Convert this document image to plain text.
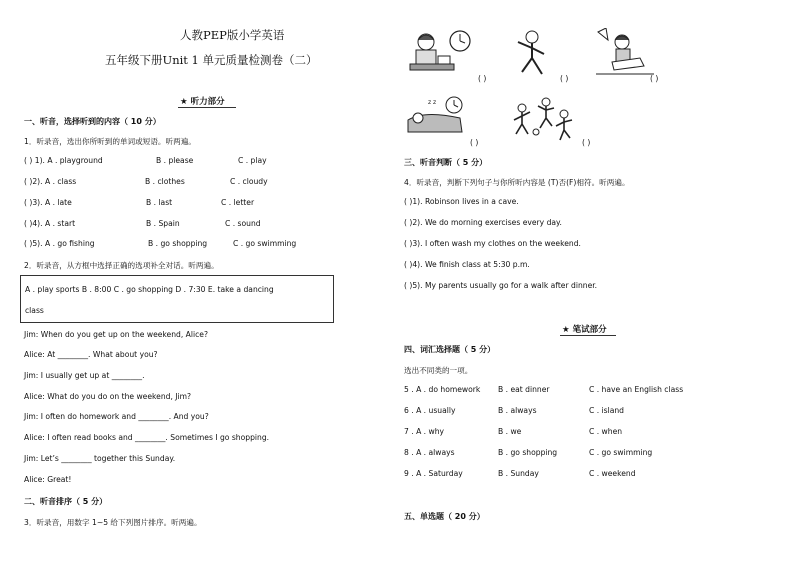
人教PEP版小学英语
五年级下册Unit 1 单元质量检测卷（二）
★ 听力部分
一、听音，选择听到的内容（ 10 分）
1．听录音，选出你所听到的单词或短语。听两遍。
( ) 1). A . playground	B . please	C . play
( )2). A . class	B . clothes	C . cloudy
( )3). A . late	B . last	C . letter
( )4). A . start	B . Spain	C . sound
( )5). A . go fishing	B . go shopping	C . go swimming
2．听录音，从方框中选择正确的选项补全对话。听两遍。
A . play sports B . 8:00 C . go shopping D . 7:30 E. take a dancing
class
Jim: When do you get up on the weekend, Alice?
Alice: At ________. What about you?
Jim: I usually get up at ________.
Alice: What do you do on the weekend, Jim?
Jim: I often do homework and ________. And you?
Alice: I often read books and ________. Sometimes I go shopping.
Jim: Let’s ________ together this Sunday.
Alice: Great!
二、听音排序（ 5 分）
3．听录音，用数字 1~5 给下列图片排序。听两遍。
z z
( )	( )	( )
( )	( )
三、听音判断（ 5 分）
4．听录音，判断下列句子与你所听内容是 (T)否(F)相符。听两遍。
( )1). Robinson lives in a cave.
( )2). We do morning exercises every day.
( )3). I often wash my clothes on the weekend.
( )4). We finish class at 5:30 p.m.
( )5). My parents usually go for a walk after dinner.
★ 笔试部分
四、词汇选择题（ 5 分）
选出不同类的一项。
5 . A . do homework B . eat dinner	C . have an English class
6 . A . usually	B . always	C . island
7 . A . why	B . we	C . when
8 . A . always	B . go shopping	C . go swimming
9 . A . Saturday	B . Sunday	C . weekend
五、单选题（ 20 分）
